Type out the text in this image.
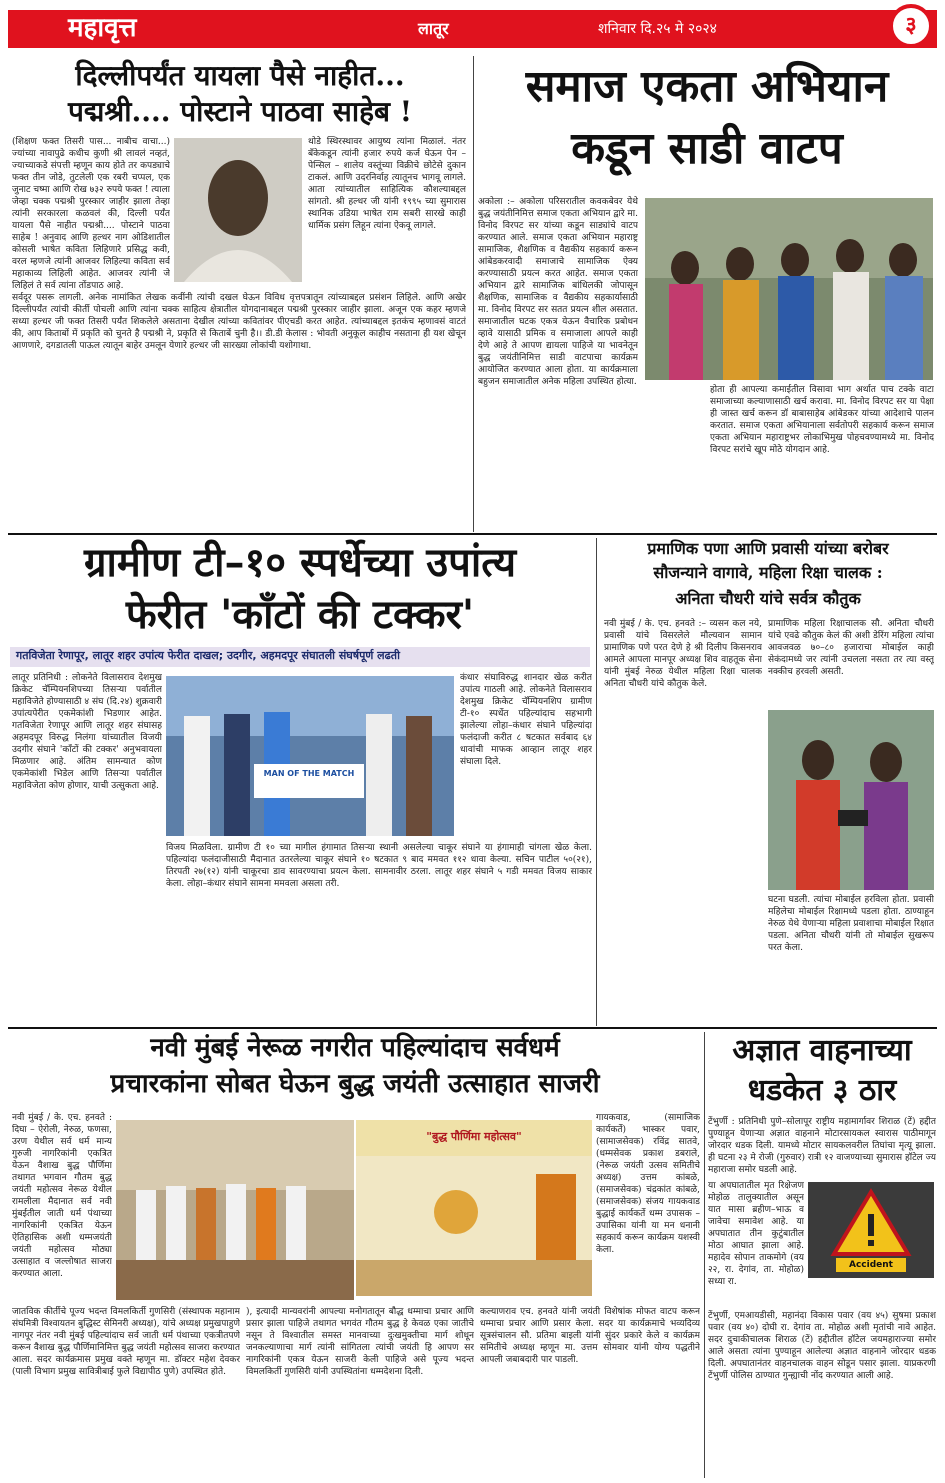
महावृत्त	लातूर	शनिवार दि.२५ मे २०२४	३
दिल्लीपर्यंत यायला पैसे नाहीत...
पद्मश्री.... पोस्टाने पाठवा साहेब !
(शिक्षण फक्त तिसरी पास... नाबीच वाचा...) ज्यांच्या नावापुढे कधीच कुणी श्री लावलं नव्हतं, ज्याच्याकडे संपत्ती म्हणून काय होते तर कपड्याचे फक्त तीन जोडे, तुटलेली एक रबरी चप्पल, एक जुनाट चष्मा आणि रोख ७३२ रुपये फक्त ! त्याला जेव्हा चक्क पद्मश्री पुरस्कार जाहीर झाला तेव्हा त्यांनी सरकारला कळवलं की, दिल्ली पर्यंत यायला पैसे नाहीत पद्मश्री.... पोस्टाने पाठवा साहेब ! अनुवाद आणि हल्धर नाग ओडिशातील कोसली भाषेत कविता लिहिणारे प्रसिद्ध कवी, वरल म्हणजे त्यांनी आजवर लिहिल्या कविता सर्व महाकाव्य लिहिली आहेत. आजवर त्यांनी जे लिहिलं ते सर्व त्यांना तोंडपाठ आहे.
थोडे स्थिरस्थावर आयुष्य त्यांना मिळालं. नंतर बँकेकडून त्यांनी हजार रुपये कर्ज घेऊन पेन – पेन्सिल – शालेय वस्तूंच्या विक्रीचे छोटेसे दुकान टाकलं. आणि उदरनिर्वाह त्यातूनच भागवू लागले. आता त्यांच्यातील साहित्यिक कौशल्याबद्दल सांगतो. श्री हल्धर जी यांनी १९९५ च्या सुमारास स्थानिक उडिया भाषेत राम सबरी सारखे काही धार्मिक प्रसंग लिहून त्यांना ऐकवू लागले.
सर्वदूर पसरू लागली. अनेक नामांकित लेखक कवींनी त्यांची दखल घेऊन विविध वृत्तपत्रातून त्यांच्याबद्दल प्रसंशन लिहिले. आणि अखेर दिल्लीपर्यंत त्यांची कीर्ती पोचली आणि त्यांना चक्क साहित्य क्षेत्रातील योगदानाबद्दल पद्मश्री पुरस्कार जाहीर झाला. अजून एक कहर म्हणजे सध्या हल्धर जी फक्त तिसरी पर्यंत शिकलेले असताना देखील त्यांच्या कवितांवर पीएचडी करत आहेत. त्यांच्याबद्दल इतकंच म्हणावसं वाटतं की, आप किताबों में प्रकृति को चुनते है पद्मश्री ने, प्रकृति से किताबें चुनी है।। डी.डी केलास : भोवती अनुकूल काहीच नसताना ही यश खेचून आणणारे, दगडातली पाऊल त्यातून बाहेर उमलून येणारे हल्धर जी सारख्या लोकांची यशोगाथा.
समाज एकता अभियान
कडून साडी वाटप
अकोला :– अकोला परिसरातील कवकबेवर येथे बुद्ध जयंतीनिमित्त समाज एकता अभियान द्वारे मा. विनोद विरपट सर यांच्या कडून साड्यांचे वाटप करण्यात आले. समाज एकता अभियान महाराष्ट्र सामाजिक, शैक्षणिक व वैद्यकीय सहकार्य करून आंबेडकरवादी समाजाचे सामाजिक ऐक्य करण्यासाठी प्रयत्न करत आहेत. समाज एकता अभियान द्वारे सामाजिक बांधिलकी जोपासून शैक्षणिक, सामाजिक व वैद्यकीय सहकार्यासाठी मा. विनोद विरपट सर सतत प्रयत्न शील असतात. समाजातील घटक एकत्र येऊन वैचारिक प्रबोधन व्हावे यासाठी प्रमिक व समाजाला आपले काही देणे आहे ते आपण द्यायला पाहिजे या भावनेतून बुद्ध जयंतीनिमित्त साडी वाटपाचा कार्यक्रम आयोजित करण्यात आला होता. या कार्यक्रमाला बहुजन समाजातील अनेक महिला उपस्थित होत्या.
होता ही आपल्या कमाईतील विसावा भाग अर्थात पाच टक्के वाटा समाजाच्या कल्याणासाठी खर्च करावा. मा. विनोद विरपट सर या पेक्षा ही जास्त खर्च करून डॉ बाबासाहेब आंबेडकर यांच्या आदेशाचे पालन करतात. समाज एकता अभियानाला सर्वतोपरी सहकार्य करून समाज एकता अभियान महाराष्ट्रभर लोकाभिमुख पोहचवण्यामध्ये मा. विनोद विरपट सरांचे खूप मोठे योगदान आहे.
ग्रामीण टी–१० स्पर्धेच्या उपांत्य
फेरीत 'काँटों की टक्कर'
गतविजेता रेणापूर, लातूर शहर उपांत्य फेरीत दाखल; उदगीर, अहमदपूर संघातली संघर्षपूर्ण लढती
लातूर प्रतिनिधी : लोकनेते विलासराव देशमुख क्रिकेट चॅम्पियनशिपच्या तिसऱ्या पर्वातील महाविजेते होण्यासाठी ४ संघ (दि.२४) शुक्रवारी उपांत्यपेरीत एकमेकांशी भिडणार आहेत. गतविजेता रेणापूर आणि लातूर शहर संघासह अहमदपूर विरुद्ध निलंगा यांच्यातील विजयी उदगीर संघाने 'काँटों की टक्कर' अनुभवायला मिळणार आहे. अंतिम सामन्यात कोण एकमेकांशी भिडेल आणि तिसऱ्या पर्वातील महाविजेता कोण होणार, याची उत्सुकता आहे.
MAN OF THE MATCH
कंधार संघाविरुद्ध शानदार खेळ करीत उपांत्य गाठली आहे. लोकनेते विलासराव देशमुख क्रिकेट चॅम्पियनशिप ग्रामीण टी-१० स्पर्धेत पहिल्यांदाच सहभागी झालेल्या लोहा–कंधार संघाने पहिल्यांदा फलंदाजी करीत ८ षटकात सर्वबाद ६४ धावांची माफक आव्हान लातूर शहर संघाला दिले.
विजय मिळविला. ग्रामीण टी १० च्या मागील हंगामात तिसऱ्या स्थानी असलेल्या चाकूर संघाने या हंगामाही चांगला खेळ केला. पहिल्यांदा फलंदाजीसाठी मैदानात उतरलेल्या चाकूर संघाने १० षटकात ९ बाद ममवत ११२ धावा केल्या. सचिन पाटील ५०(२१), तिरपती २७(१२) यांनी चाकूरचा डाव सावरण्याचा प्रयत्न केला. सामनावीर ठरला. लातूर शहर संघाने ५ गडी ममवत विजय साकार केला. लोहा–कंधार संघाने सामना ममवला असला तरी.
प्रमाणिक पणा आणि प्रवासी यांच्या बरोबर
सौजन्याने वागावे, महिला रिक्षा चालक :
अनिता चौधरी यांचे सर्वत्र कौतुक
नवी मुंबई / के. एच. हनवते :– व्यसन कल नये, प्रवासी यांचे विसरलेले मौल्यवान सामान प्रामाणिक पणे परत देणे हे श्री दिलीप किसनराव आमले आपला मानपूर अध्यक्ष शिव वाहतूक सेना यांनी मुंबई नेरुळ येथील महिला रिक्षा चालक अनिता चौधरी यांचे कौतुक केले.
प्रामाणिक महिला रिक्षाचालक सौ. अनिता चौधरी यांचे एवढे कौतुक केलं की अशी डेरिंग महिला त्यांचा आवजवळ ७०–८० हजाराचा मोबाईल काही सेकंदामध्ये जर त्यांनी उचलला नसता तर त्या वस्तू नक्कीच हरवली असती.
घटना घडली. त्यांचा मोबाईल हरविला होता. प्रवासी महिलेचा मोबाईल रिक्षामध्ये पडला होता. ठाण्याहून नेरुळ येथे येणाऱ्या महिला प्रवाशाचा मोबाईल रिक्षात पडला. अनिता चौधरी यांनी तो मोबाईल सुखरूप परत केला.
नवी मुंबई नेरूळ नगरीत पहिल्यांदाच सर्वधर्म
प्रचारकांना सोबत घेऊन बुद्ध जयंती उत्साहात साजरी
नवी मुंबई / के. एच. हनवते : दिघा – ऐरोली, नेरुळ, फणसा, उरण येथील सर्व धर्म मान्य गुरुजी नागरिकांनी एकत्रित येऊन वैशाख बुद्ध पौर्णिमा तथागत भगवान गौतम बुद्ध जयंती महोत्सव नेरूळ येथील रामलीला मैदानात सर्व नवी मुंबईतील जाती धर्म पंथाच्या नागरिकांनी एकत्रित येऊन ऐतिहासिक अशी धम्मजयंती जयंती महोत्सव मोठ्या उत्साहात व जल्लोषात साजरा करण्यात आला.
"बुद्ध पौर्णिमा महोत्सव"
गायकवाड, (सामाजिक कार्यकर्ते) भास्कर पवार, (सामाजसेवक) रविंद्र सातवे, (धम्मसेवक प्रकाश डबराले, (नेरूळ जयंती उत्सव समितीचे अध्यक्ष) उत्तम कांबळे, (समाजसेवक) चंद्रकांत कांबळे, (समाजसेवक) संजय गायकवाड बुद्धाई कार्यकर्ते धम्म उपासक – उपासिका यांनी या मन धनानी सहकार्य करून कार्यक्रम यशस्वी केला.
जातविक कीर्तीचे पूज्य भदन्त विमलकिर्ती गुणसिरी (संस्थापक महानाम संघमित्री विश्वायतन बुद्धिस्ट सेमिनरी अध्यक्ष), यांचे अध्यक्ष प्रमुखपाहुणे नागपूर नंतर नवी मुंबई पहिल्यांदाच सर्व जाती धर्म पंथाच्या एकत्रीतपणे करून वैशाख बुद्ध पौर्णिमानिमित्त बुद्ध जयंती महोत्सव साजरा करण्यात आला. सदर कार्यक्रमास प्रमुख वक्ते म्हणून मा. डॉक्टर महेश देवकर (पाली विभाग प्रमुख सावित्रीबाई फुले विद्यापीठ पुणे) उपस्थित होते.
), इत्यादी मान्यवरांनी आपल्या मनोगतातून बौद्ध धम्माचा प्रचार आणि प्रसार झाला पाहिजे तथागत भगवंत गौतम बुद्ध हे केवळ एका जातीचे नसून ते विश्वातील समस्त मानवाच्या दुःखमुक्तीचा मार्ग शोधून जनकल्याणाचा मार्ग त्यांनी सांगितला त्यांची जयंती हि आपण सर नागरिकांनी एकत्र येऊन साजरी केली पाहिजे असे पूज्य भदन्त विमलकिर्ती गुणसिरी यांनी उपस्थितांना धम्मदेशना दिली.
कल्याणराव एच. हनवते यांनी जयंती विशेषांक मोफत वाटप करून धम्माचा प्रचार आणि प्रसार केला. सदर या कार्यक्रमाचे भव्यदिव्य सूत्रसंचालन सौ. प्रतिमा बाइली यांनी सुंदर प्रकारे केले व कार्यक्रम समितीचे अध्यक्ष म्हणून मा. उत्तम सोमवार यांनी योग्य पद्धतीने आपली जबाबदारी पार पाडली.
अज्ञात वाहनाच्या
धडकेत ३ ठार
टेंभुर्णी : प्रतिनिधी पुणे–सोलापूर राष्ट्रीय महामार्गावर शिराळ (टें) हद्दीत पुण्याहून येणाऱ्या अज्ञात वाहनाने मोटारसायकल स्वारास पाठीमागून जोरदार धडक दिली. यामध्ये मोटार सायकलवरील तिघांचा मृत्यू झाला. ही घटना २३ मे रोजी (गुरुवार) रात्री १२ वाजण्याच्या सुमारास हॉटेल ज्य महाराजा समोर घडली आहे.
या अपघातातील मृत रिक्षेजण मोहोळ तालुक्यातील असून यात मासा ब्रहीण–भाऊ व जावेचा समावेश आहे. या अपघातात तीन कुटुंबातील मोठा आघात झाला आहे. महादेव सोपान ताकमोगे (वय २२, रा. देगांव, ता. मोहोळ) सध्या रा.
Accident
टेंभुर्णी, एमआयडीसी, महानंदा विकास पवार (वय ४५) सुषमा प्रकाश पवार (वय ४०) दोघी रा. देगांव ता. मोहोळ अशी मृतांची नावे आहेत. सदर दुचाकीचालक शिराळ (टें) हद्दीतील हॉटेल जयमहाराज्या समोर आले असता त्यांना पुण्याहून आलेल्या अज्ञात वाहनाने जोरदार धडक दिली. अपघातानंतर वाहनचालक वाहन सोडून पसार झाला. याप्रकरणी टेंभुर्णी पोलिस ठाण्यात गुन्ह्याची नोंद करण्यात आली आहे.
